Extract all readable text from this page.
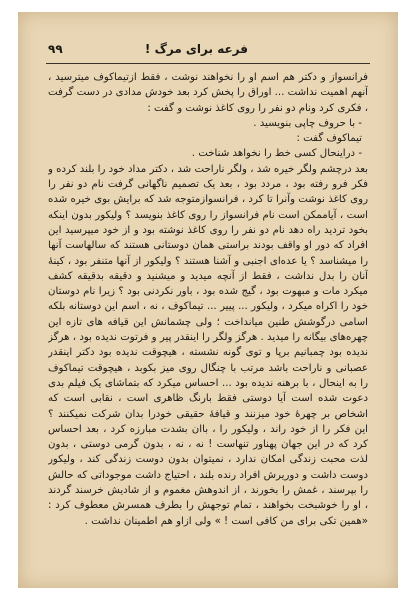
فرعه برای مرگ !
۹۹

فرانسواز و دکتر هم اسم او را نخواهند نوشت ، فقط ازتیماکوف میترسید ، آنهم اهمیت نداشت ... اوراق را پخش کرد بعد خودش مدادی در دست گرفت ، فکری کرد ونام دو نفر را روی کاغذ نوشت و گفت :

- با حروف چاپی بنویسید .

تیماکوف گفت :

- دراینحال کسی خط را نخواهد شناخت .

بعد درچشم ولگر خیره شد ، ولگر ناراحت شد ، دکتر مداد خود را بلند کرده و فکر فرو رفته بود ، مردد بود ، بعد یک تصمیم ناگهانی گرفت نام دو نفر را روی کاغذ نوشت وآنرا تا کرد ، فرانسوازمتوجه شد که برایش بوی خیره شده است ، آیاممکن است نام فرانسواز را روی کاغذ بنویسد ؟ ولیکور بدون اینکه بخود تردید راه دهد نام دو نفر را روی کاغذ نوشته بود و از خود میپرسید این افراد که دور او واقف بودند براستی همان دوستانی هستند که سالهاست آنها را میشناسد ؟ یا عده‌ای اجنبی و آشنا هستند ؟ ولیکور از آنها متنفر بود ، کینهٔ آنان را بدل نداشت ، فقط از آنچه میدید و میشنید و دقیقه بدقیقه کشف میکرد مات و مبهوت بود ، گیج شده بود ، باور نکردنی بود ؟ زیرا نام دوستان خود را اکراه میکرد ، ولیکور ... پییر ... تیماکوف ، نه ، اسم این دوستانه بلکه اسامی درگوشش طنین میانداخت ؛ ولی چشمانش این قیافه های تازه این چهره‌های بیگانه را میدید . هرگز ولگر را اینقدر پیر و فرتوت ندیده بود ، هرگز ندیده بود چمبانیم برپا و توی گونه نشسته ، هیچوقت ندیده بود دکتر اینقدر عصبانی و ناراحت باشد مرتب با چنگال روی میز بکوبد ، هیچوقت تیماکوف را به اینحال ، با برهنه ندیده بود ... احساس میکرد که بتماشای یک فیلم بدی دعوت شده است آیا دوستی فقط بارنگ ظاهری است ، نقابی است که اشخاص بر چهرهٔ خود میزنند و قیافهٔ حقیقی خودرا بدان شرکت نمیکنند ؟ این فکر را از خود راند ، ولیکور را ، باان بشدت مبارزه کرد ، بعد احساس کرد که در این جهان پهناور تنهاست ! نه ، نه ، بدون گرمی دوستی ، بدون لذت محبت زندگی امکان ندارد ، نمیتوان بدون دوست زندگی کند ، ولیکور دوست داشت و دوریرش افراد رنده بلند ، احتیاج داشت موجوداتی که حالش را بپرسند ، غمش را بخورند ، از اندوهش مغموم و از شادیش خرسند گردند ، او را خوشبخت بخواهند ، تمام توجهش را بطرف همسرش معطوف کرد : «همین تکی برای من کافی است ! » ولی ازاو هم اطمینان نداشت .
